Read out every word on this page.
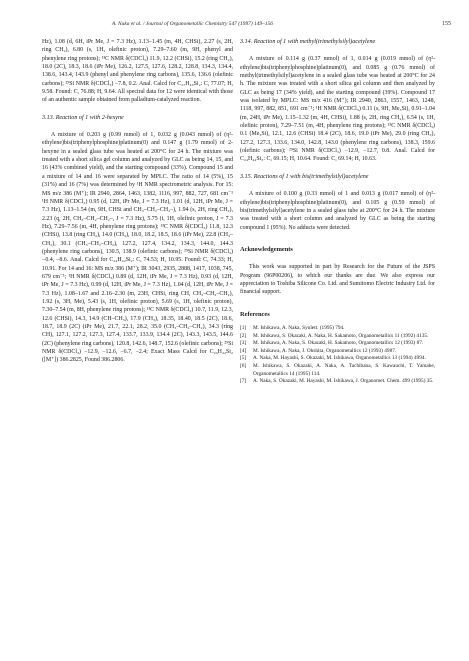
A. Naka et al. / Journal of Organometallic Chemistry 547 (1997) 149–156	155

Hz), 1.08 (d, 6H, iPr Me, J = 7.3 Hz), 1.13–1.45 (m, 4H, CHSi), 2.27 (s, 2H, ring CH₂), 6.80 (s, 1H, olefinic proton), 7.29–7.60 (m, 9H, phenyl and phenylene ring protons); ¹³C NMR δ(CDCl₃) 11.9, 12.2 (CHSi), 15.2 (ring CH₂), 18.0 (2C), 18.3, 18.6 (iPr Me), 126.2, 127.5, 127.6, 128.2, 128.8, 134.3, 134.4, 138.6, 143.4, 143.9 (phenyl and phenylene ring carbons), 135.6, 136.6 (olefinic carbons); ²⁹Si NMR δ(CDCl₃) −7.8, 0.2. Anal. Calcd for C₂₇H₄₀Si₂: C, 77.07; H, 9.58. Found: C, 76.88; H, 9.64. All spectral data for 12 were identical with those of an authentic sample obtained from palladium-catalyzed reaction.

3.13. Reaction of 1 with 2-hexyne

A mixture of 0.203 g (0.99 mmol) of 1, 0.032 g (0.043 mmol) of (η²-ethylene)bis(triphenylphosphine)platinum(0) and 0.147 g (1.79 mmol) of 2-hexyne in a sealed glass tube was heated at 200°C for 24 h. The mixture was treated with a short silica gel column and analyzed by GLC as being 14, 15, and 16 (43% combined yield), and the starting compound (33%). Compound 15 and a mixture of 14 and 16 were separated by MPLC. The ratio of 14 (5%), 15 (31%) and 16 (7%) was determined by ¹H NMR spectrometric analysis. For 15: MS m/z 386 (M⁺); IR 2940, 2864, 1463, 1382, 1116, 997, 882, 727, 681 cm⁻¹ ¹H NMR δ(CDCl₃) 0.95 (d, 12H, iPr Me, J = 7.3 Hz), 1.01 (d, 12H, iPr Me, J = 7.3 Hz), 1.13–1.54 (m, 9H, CHSi and CH₃–CH₂–CH₂–), 1.94 (s, 2H, ring CH₂), 2.23 (q, 2H, CH₃–CH₂–CH₂–, J = 7.3 Hz), 5.75 (t, 1H, olefinic proton, J = 7.3 Hz), 7.29–7.56 (m, 4H, phenylene ring protons); ¹³C NMR δ(CDCl₃) 11.8, 12.3 (CHSi), 13.8 (ring CH₂), 14.0 (CH₃), 18.0, 18.2, 18.5, 18.6 (iPr Me), 22.8 (CH₃–CH₂), 30.1 (CH₃–CH₂–CH₂), 127.2, 127.4, 134.2, 134.3, 144.0, 144.3 (phenylene ring carbons), 130.5, 138.9 (olefinic carbons); ²⁹Si NMR δ(CDCl₃) −0.4, −8.6. Anal. Calcd for C₂₄H₄₂Si₂: C, 74.53; H, 10.95. Found: C, 74.33; H, 10.91. For 14 and 16: MS m/z 386 (M⁺); IR 3043, 2935, 2888, 1417, 1038, 745, 679 cm⁻¹; ¹H NMR δ(CDCl₃) 0.89 (d, 12H, iPr Me, J = 7.3 Hz), 0.93 (d, 12H, iPr Me, J = 7.3 Hz), 0.99 (d, 12H, iPr Me, J = 7.3 Hz), 1.04 (d, 12H, iPr Me, J = 7.3 Hz), 1.08–1.67 and 2.16–2.30 (m, 23H, CHSi, ring CH, CH₃–CH₂–CH₂), 1.92 (s, 3H, Me), 5.43 (s, 1H, olefinic proton), 5.69 (s, 1H, olefinic proton), 7.30–7.54 (m, 8H, phenylene ring protons); ¹³C NMR δ(CDCl₃) 10.7, 11.9, 12.3, 12.6 (CHSi), 14.3, 14.9 (CH–CH₃), 17.9 (CH₃), 18.35, 18.40, 18.5 (2C), 18.6, 18.7, 18.9 (2C) (iPr Me), 21.7, 22.1, 28.2, 35.0 (CH₃–CH₂–CH₂), 34.3 (ring CH), 127.1, 127.2, 127.3, 127.4, 133.7, 133.9, 134.4 (2C), 143.3, 143.5, 144.6 (2C) (phenylene ring carbons), 120.8, 142.6, 148.7, 152.6 (olefinic carbons); ²⁹Si NMR δ(CDCl₃) −12.9, −12.6, −6.7, −2.4; Exact Mass Calcd for C₂₄H₄₂Si₂ ([M⁺]) 386.2825, Found 386.2806.

3.14. Reaction of 1 with methyl(trimethylsilyl)acetylene

A mixture of 0.114 g (0.37 mmol) of 1, 0.014 g (0.019 mmol) of (η²-ethylene)bis(triphenylphosphine)platinum(0), and 0.085 g (0.76 mmol) of methyl(trimethylsilyl)acetylene in a sealed glass tube was heated at 200°C for 24 h. The mixture was treated with a short silica gel column and then analyzed by GLC as being 17 (34% yield), and the starting compound (39%). Compound 17 was isolated by MPLC: MS m/z 416 (M⁺); IR 2940, 2863, 1557, 1463, 1248, 1118, 997, 882, 851, 691 cm⁻¹; ¹H NMR δ(CDCl₃) 0.11 (s, 9H, Me₃Si), 0.91–1.04 (m, 24H, iPr Me), 1.15–1.32 (m, 4H, CHSi), 1.88 (s, 2H, ring CH₂), 6.54 (s, 1H, olefinic proton), 7.29–7.51 (m, 4H, phenylene ring protons); ¹³C NMR δ(CDCl₃) 0.1 (Me₃Si), 12.1, 12.6 (CHSi) 18.4 (2C), 18.6, 19.0 (iPr Me), 29.0 (ring CH₂), 127.2, 127.3, 133.6, 134.0, 142.8, 143.0 (phenylene ring carbons), 138.3, 159.6 (olefinic carbons); ²⁹Si NMR δ(CDCl₃) −12.9, −12.7, 0.8. Anal. Calcd for C₂₄H₄₄Si₃: C, 69.15; H, 10.64. Found: C, 69.14; H, 10.63.

3.15. Reactions of 1 with bis(trimethylsilyl)acetylene

A mixture of 0.100 g (0.33 mmol) of 1 and 0.013 g (0.017 mmol) of (η²-ethylene)bis(triphenylphosphine)platinum(0), and 0.105 g (0.59 mmol) of bis(trimethylsilyl)acetylene in a sealed glass tube at 200°C for 24 h. The mixture was treated with a short column and analyzed by GLC as being the starting compound 1 (95%). No adducts were detected.

Acknowledgements

This work was supported in part by Research for the Future of the JSPS Program (96P00206), to which our thanks are due. We also express our appreciation to Toshiba Silicone Co. Ltd. and Sumitomo Electric Industry Ltd. for financial support.

References
[1] M. Ishikawa, A. Naka, Synlett. (1995) 794.
[2] M. Ishikawa, S. Okazaki, A. Naka, H. Sakamoto, Organometallics 11 (1992) 4135.
[3] M. Ishikawa, A. Naka, S. Okazaki, H. Sakamoto, Organometallics 12 (1993) 87.
[4] M. Ishikawa, A. Naka, J. Ohshita, Organometallics 12 (1993) 4987.
[5] A. Naka, M. Hayashi, S. Okazaki, M. Ishikawa, Organometallics 13 (1994) 4994.
[6] M. Ishikawa, S. Okazaki, A. Naka, A. Tachibana, S. Kawauchi, T. Yamabe, Organometallics 14 (1995) 114.
[7] A. Naka, S. Okazaki, M. Hayashi, M. Ishikawa, J. Organomet. Chem. 499 (1995) 35.
